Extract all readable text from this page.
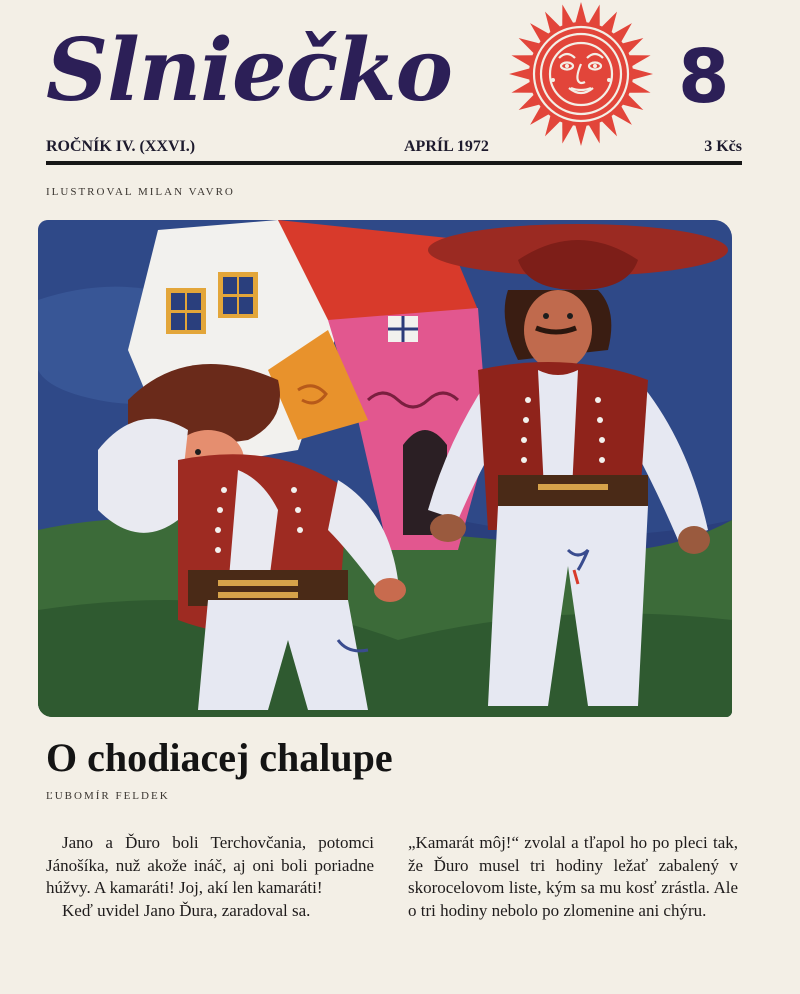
Slniečko	8
ROČNÍK IV. (XXVI.)	APRÍL 1972	3 Kčs
ILUSTROVAL MILAN VAVRO
O chodiacej chalupe
ĽUBOMÍR FELDEK

Jano a Ďuro boli Terchovčania, potomci Jánošíka, nuž akože ináč, aj oni boli poriadne húžvy. A kamaráti! Joj, akí len kamaráti!

Keď uvidel Jano Ďura, zaradoval sa.

„Kamarát môj!“ zvolal a tľapol ho po pleci tak, že Ďuro musel tri hodiny ležať zabalený v skorocelovom liste, kým sa mu kosť zrástla. Ale o tri hodiny nebolo po zlomenine ani chýru.
